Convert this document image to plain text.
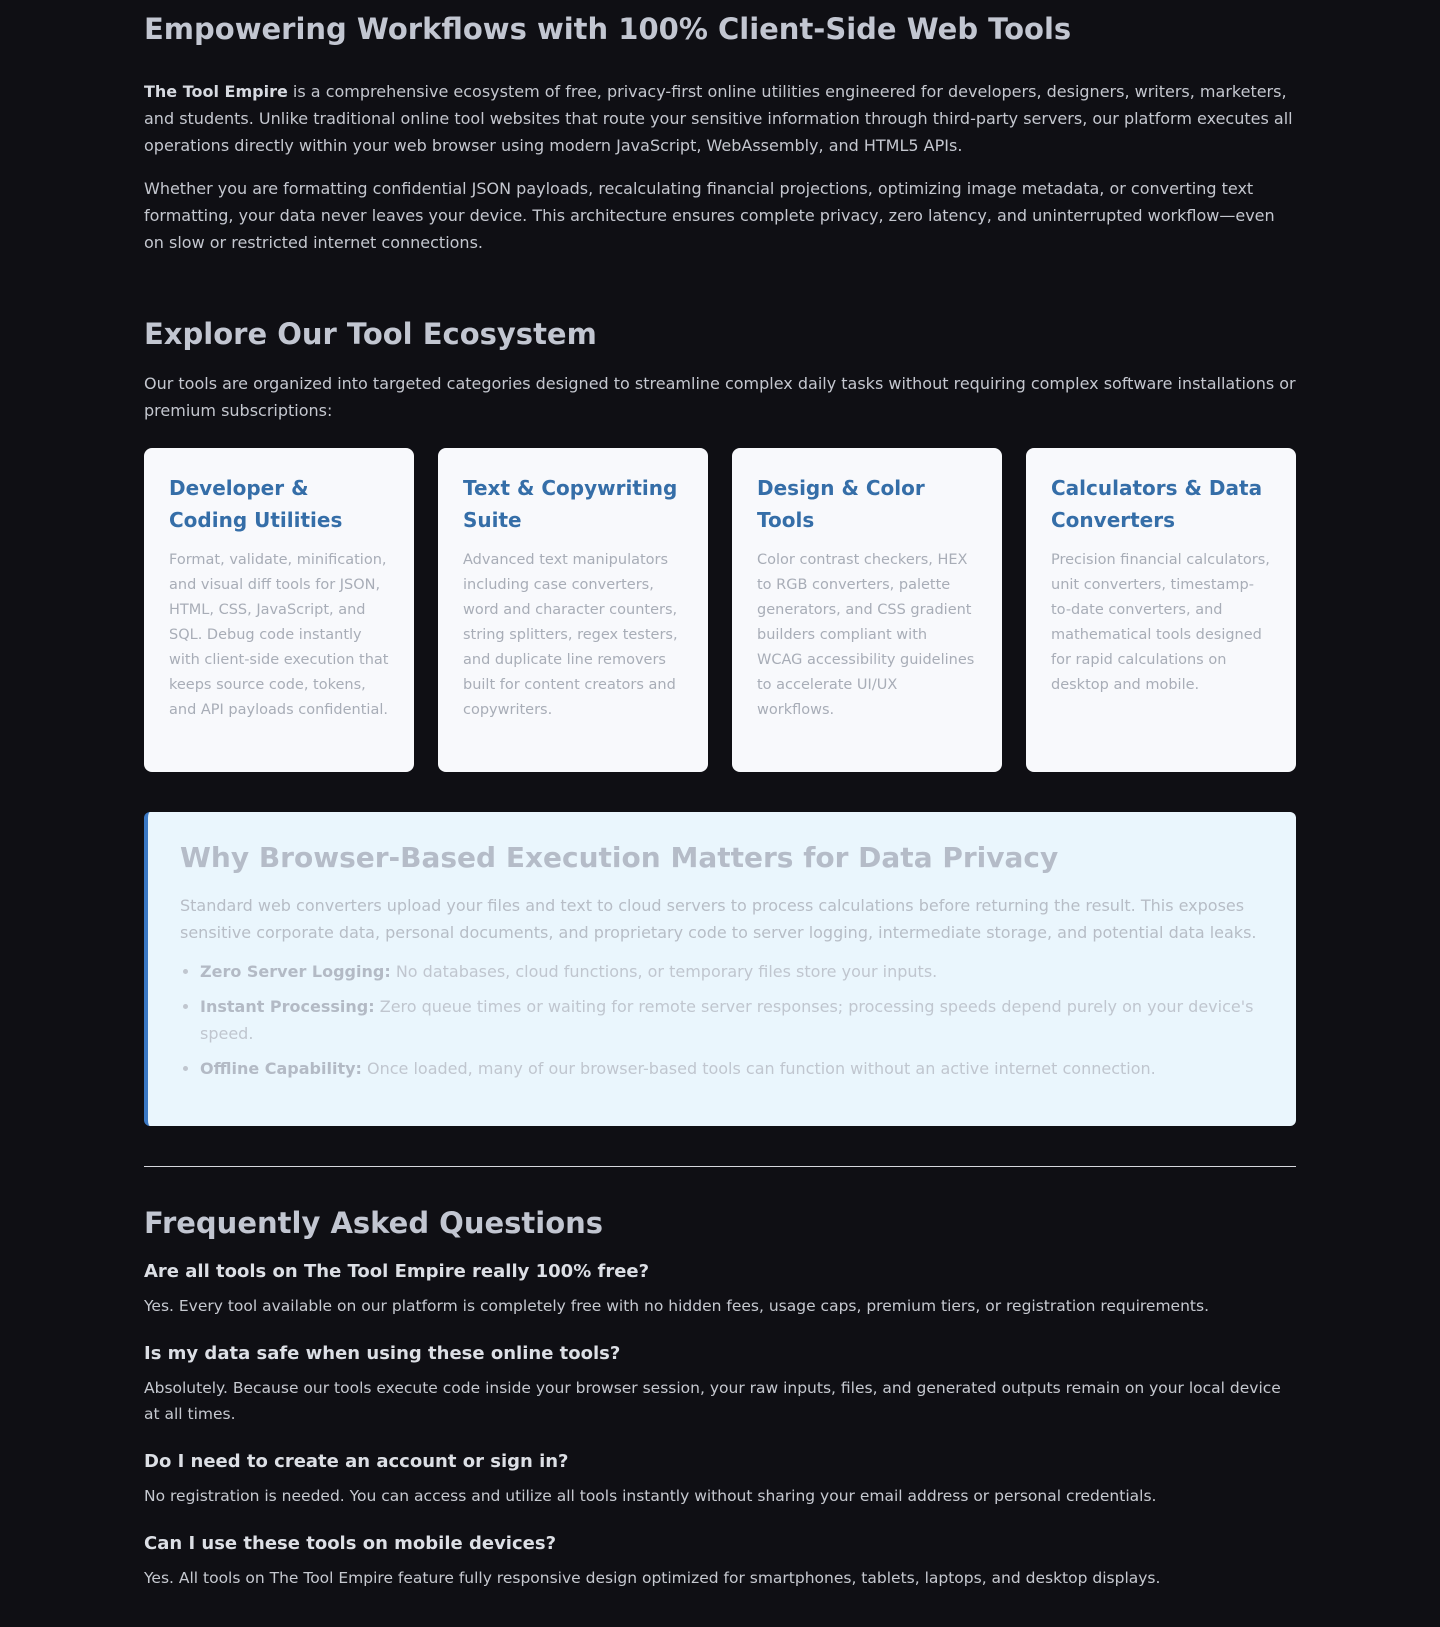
Empowering Workflows with 100% Client-Side Web Tools

The Tool Empire is a comprehensive ecosystem of free, privacy-first online utilities engineered for developers, designers, writers, marketers, and students. Unlike traditional online tool websites that route your sensitive information through third-party servers, our platform executes all operations directly within your web browser using modern JavaScript, WebAssembly, and HTML5 APIs.

Whether you are formatting confidential JSON payloads, recalculating financial projections, optimizing image metadata, or converting text formatting, your data never leaves your device. This architecture ensures complete privacy, zero latency, and uninterrupted workflow—even on slow or restricted internet connections.

Explore Our Tool Ecosystem

Our tools are organized into targeted categories designed to streamline complex daily tasks without requiring complex software installations or premium subscriptions:

Developer & Coding Utilities

Format, validate, minification, and visual diff tools for JSON, HTML, CSS, JavaScript, and SQL. Debug code instantly with client-side execution that keeps source code, tokens, and API payloads confidential.

Text & Copywriting Suite

Advanced text manipulators including case converters, word and character counters, string splitters, regex testers, and duplicate line removers built for content creators and copywriters.

Design & Color Tools

Color contrast checkers, HEX to RGB converters, palette generators, and CSS gradient builders compliant with WCAG accessibility guidelines to accelerate UI/UX workflows.

Calculators & Data Converters

Precision financial calculators, unit converters, timestamp-to-date converters, and mathematical tools designed for rapid calculations on desktop and mobile.

Why Browser-Based Execution Matters for Data Privacy

Standard web converters upload your files and text to cloud servers to process calculations before returning the result. This exposes sensitive corporate data, personal documents, and proprietary code to server logging, intermediate storage, and potential data leaks.

• Zero Server Logging: No databases, cloud functions, or temporary files store your inputs.
• Instant Processing: Zero queue times or waiting for remote server responses; processing speeds depend purely on your device's speed.
• Offline Capability: Once loaded, many of our browser-based tools can function without an active internet connection.
Frequently Asked Questions
Are all tools on The Tool Empire really 100% free?

Yes. Every tool available on our platform is completely free with no hidden fees, usage caps, premium tiers, or registration requirements.

Is my data safe when using these online tools?

Absolutely. Because our tools execute code inside your browser session, your raw inputs, files, and generated outputs remain on your local device at all times.

Do I need to create an account or sign in?

No registration is needed. You can access and utilize all tools instantly without sharing your email address or personal credentials.

Can I use these tools on mobile devices?

Yes. All tools on The Tool Empire feature fully responsive design optimized for smartphones, tablets, laptops, and desktop displays.
